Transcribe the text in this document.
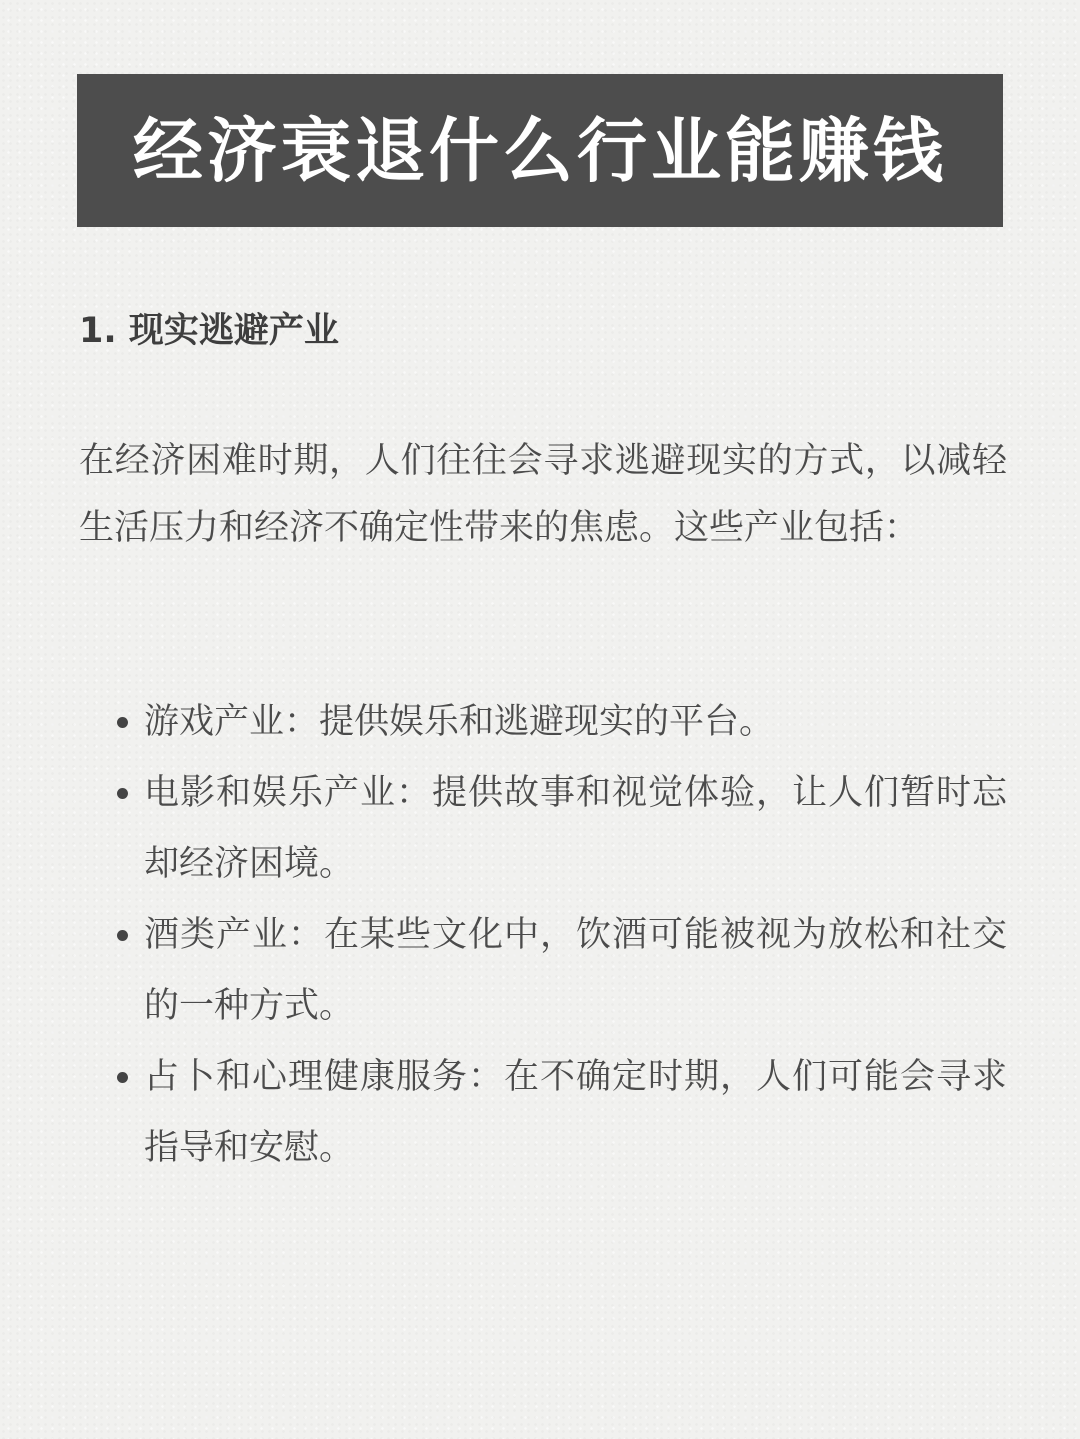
经济衰退什么行业能赚钱
1. 现实逃避产业

在经济困难时期，人们往往会寻求逃避现实的方式，以减轻生活压力和经济不确定性带来的焦虑。这些产业包括：

游戏产业：提供娱乐和逃避现实的平台。
电影和娱乐产业：提供故事和视觉体验，让人们暂时忘却经济困境。
酒类产业：在某些文化中，饮酒可能被视为放松和社交的一种方式。
占卜和心理健康服务：在不确定时期，人们可能会寻求指导和安慰。
